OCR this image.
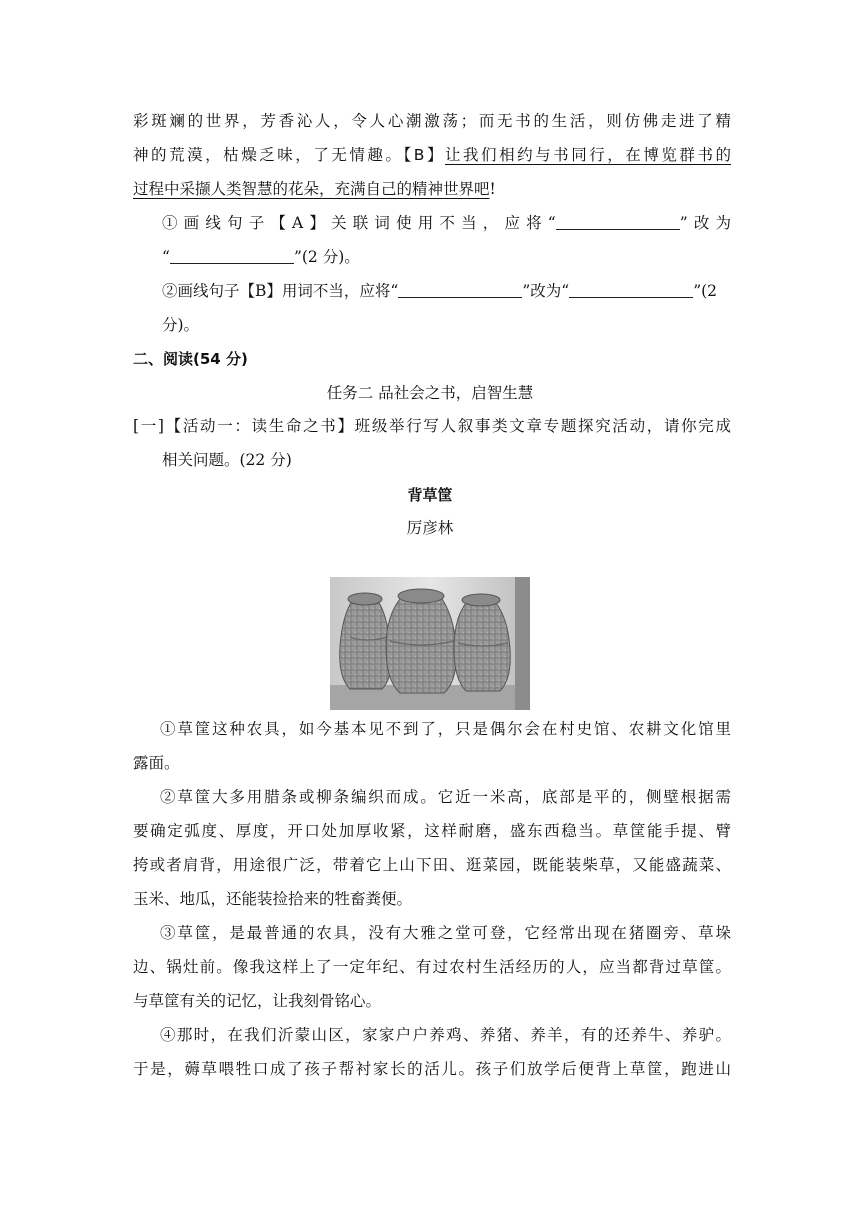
彩斑斓的世界，芳香沁人，令人心潮激荡；而无书的生活，则仿佛走进了精
神的荒漠，枯燥乏味，了无情趣。【B】让我们相约与书同行，在博览群书的
过程中采撷人类智慧的花朵，充满自己的精神世界吧!
①画线句子【A】关联词使用不当，应将“	”改为
“	”(2 分)。
②画线句子【B】用词不当，应将“	”改为“	”(2
分)。
二、阅读(54 分)
任务二 品社会之书，启智生慧
[一]【活动一：读生命之书】班级举行写人叙事类文章专题探究活动，请你完成
相关问题。(22 分)
背草筐
厉彦林
①草筐这种农具，如今基本见不到了，只是偶尔会在村史馆、农耕文化馆里
露面。
②草筐大多用腊条或柳条编织而成。它近一米高，底部是平的，侧壁根据需
要确定弧度、厚度，开口处加厚收紧，这样耐磨，盛东西稳当。草筐能手提、臂
挎或者肩背，用途很广泛，带着它上山下田、逛菜园，既能装柴草，又能盛蔬菜、
玉米、地瓜，还能装捡拾来的牲畜粪便。
③草筐，是最普通的农具，没有大雅之堂可登，它经常出现在猪圈旁、草垛
边、锅灶前。像我这样上了一定年纪、有过农村生活经历的人，应当都背过草筐。
与草筐有关的记忆，让我刻骨铭心。
④那时，在我们沂蒙山区，家家户户养鸡、养猪、养羊，有的还养牛、养驴。
于是，薅草喂牲口成了孩子帮衬家长的活儿。孩子们放学后便背上草筐，跑进山
